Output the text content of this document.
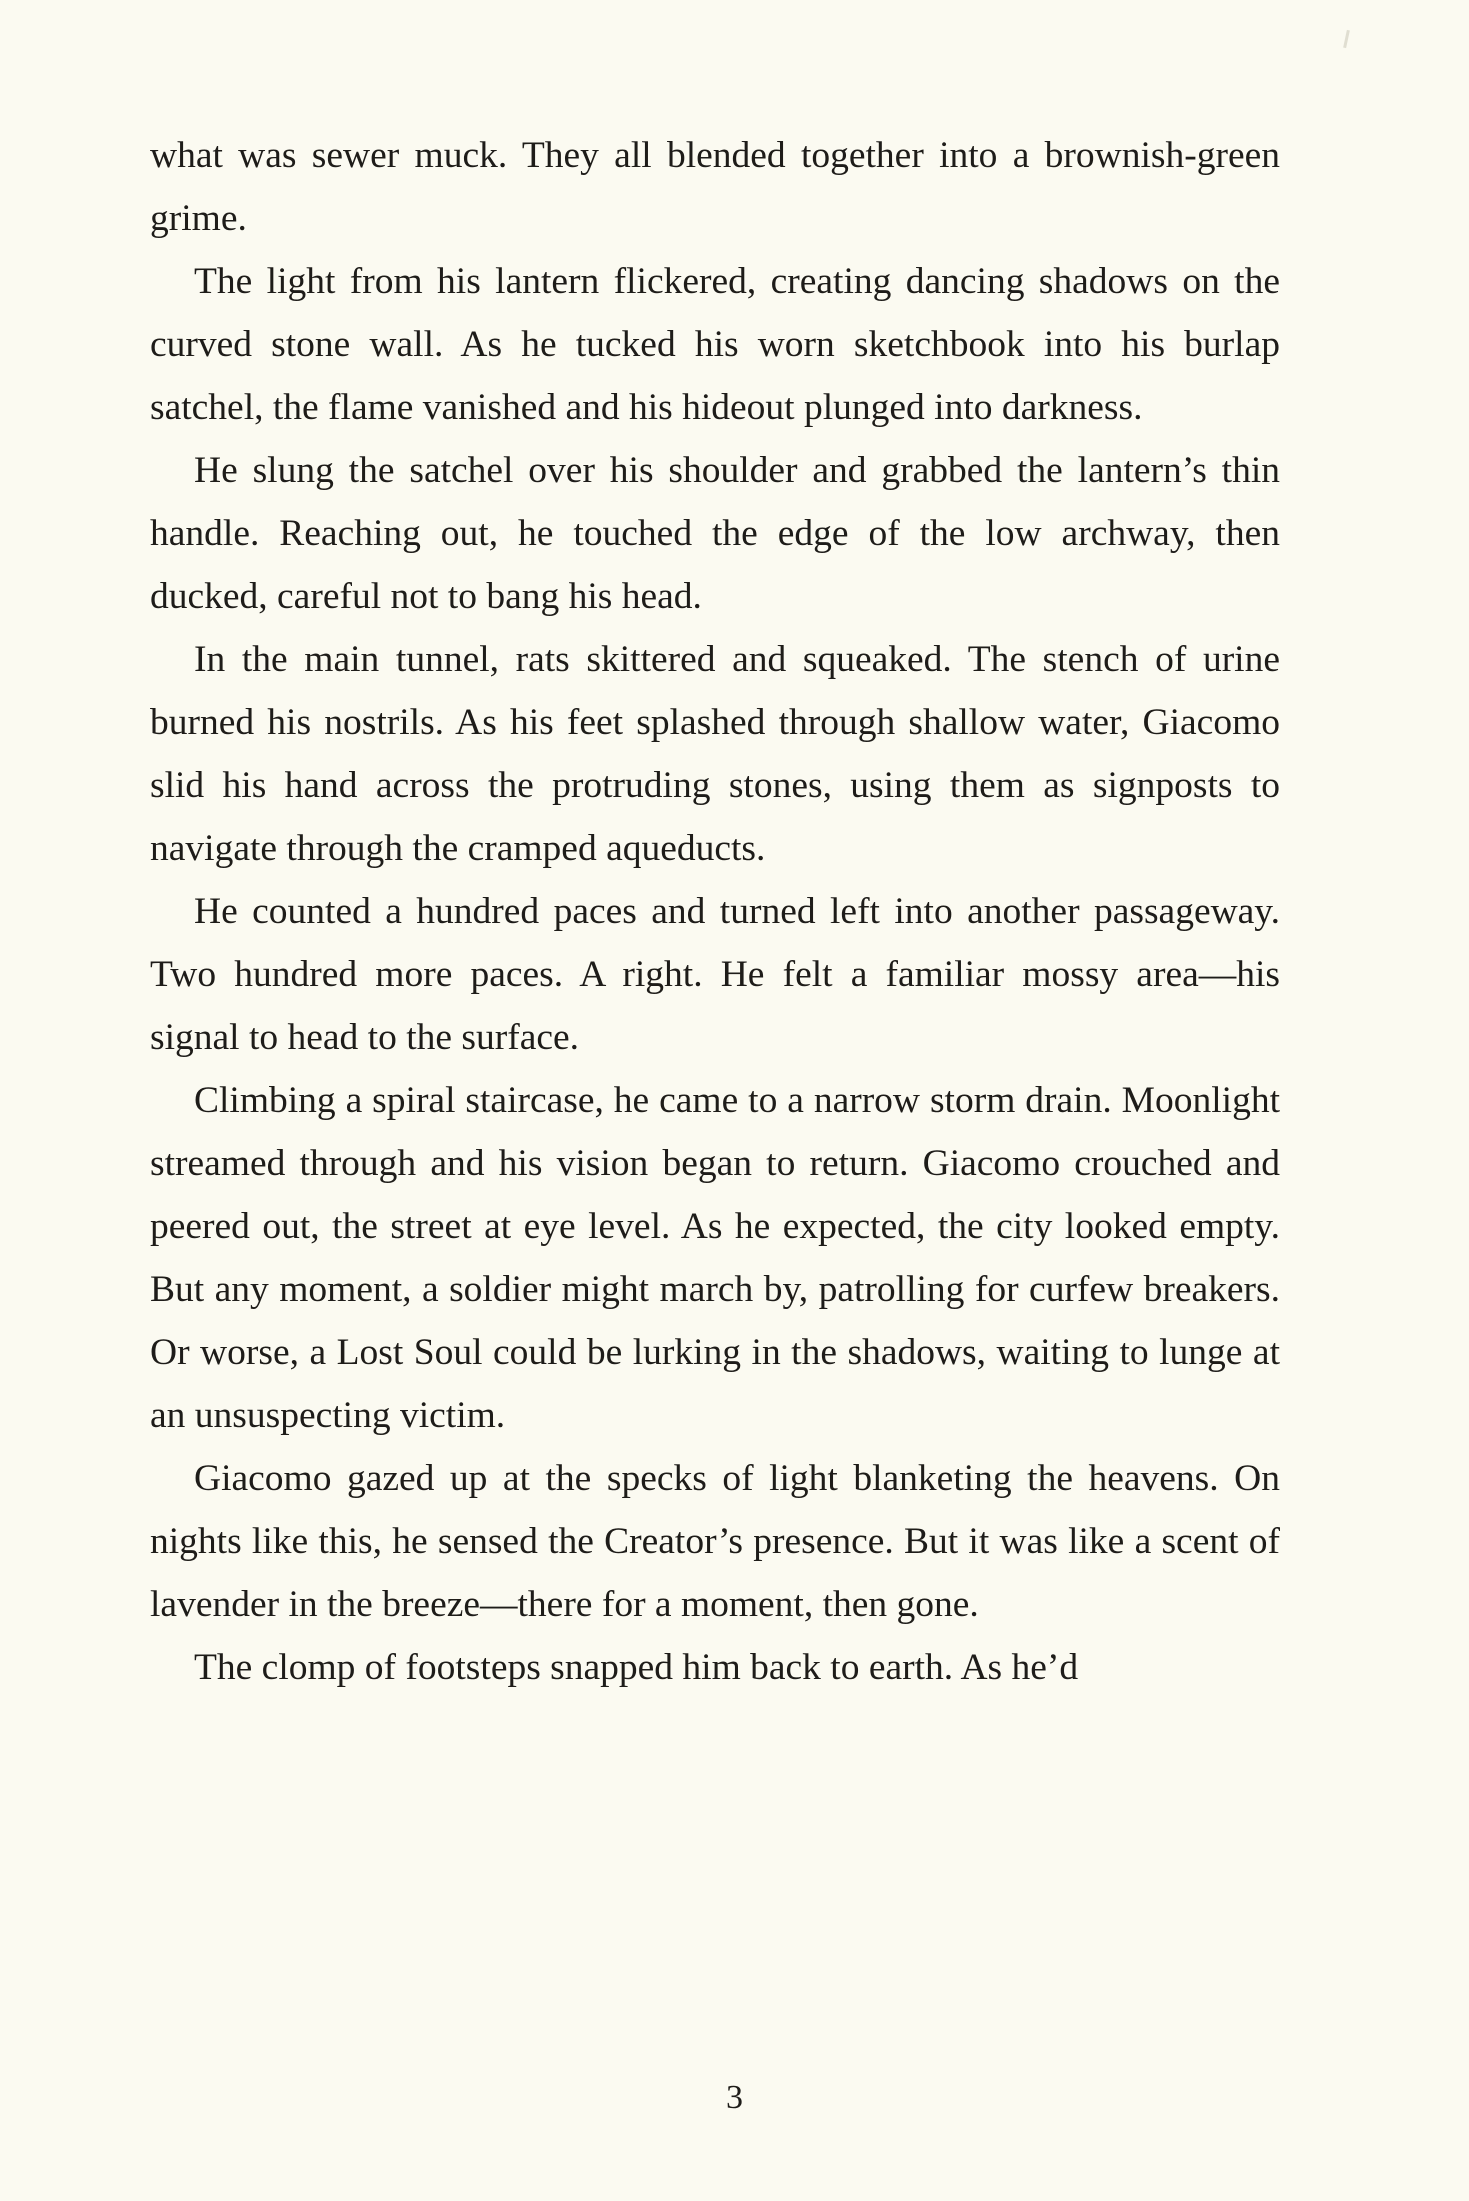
what was sewer muck. They all blended together into a brownish-green grime.

The light from his lantern flickered, creating dancing shadows on the curved stone wall. As he tucked his worn sketchbook into his burlap satchel, the flame vanished and his hideout plunged into darkness.

He slung the satchel over his shoulder and grabbed the lantern’s thin handle. Reaching out, he touched the edge of the low archway, then ducked, careful not to bang his head.

In the main tunnel, rats skittered and squeaked. The stench of urine burned his nostrils. As his feet splashed through shallow water, Giacomo slid his hand across the protruding stones, using them as signposts to navigate through the cramped aqueducts.

He counted a hundred paces and turned left into another passageway. Two hundred more paces. A right. He felt a familiar mossy area—his signal to head to the surface.

Climbing a spiral staircase, he came to a narrow storm drain. Moonlight streamed through and his vision began to return. Giacomo crouched and peered out, the street at eye level. As he expected, the city looked empty. But any moment, a soldier might march by, patrolling for curfew breakers. Or worse, a Lost Soul could be lurking in the shadows, waiting to lunge at an unsuspecting victim.

Giacomo gazed up at the specks of light blanketing the heavens. On nights like this, he sensed the Creator’s presence. But it was like a scent of lavender in the breeze—there for a moment, then gone.

The clomp of footsteps snapped him back to earth. As he’d

3
